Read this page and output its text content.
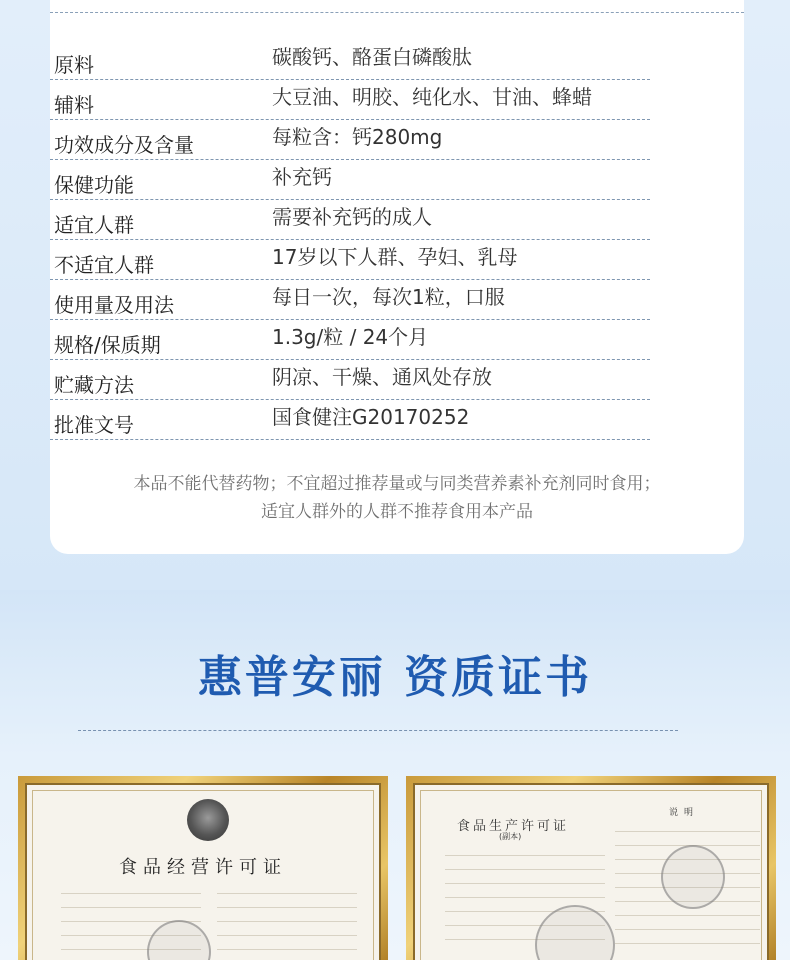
原料	碳酸钙、酪蛋白磷酸肽
辅料	大豆油、明胶、纯化水、甘油、蜂蜡
功效成分及含量	每粒含：钙280mg
保健功能	补充钙
适宜人群	需要补充钙的成人
不适宜人群	17岁以下人群、孕妇、乳母
使用量及用法	每日一次，每次1粒，口服
规格/保质期	1.3g/粒 / 24个月
贮藏方法	阴凉、干燥、通风处存放
批准文号	国食健注G20170252
本品不能代替药物；不宜超过推荐量或与同类营养素补充剂同时食用；
适宜人群外的人群不推荐食用本产品
惠普安丽 资质证书
食品经营许可证
食品生产许可证
(副本)
说明
